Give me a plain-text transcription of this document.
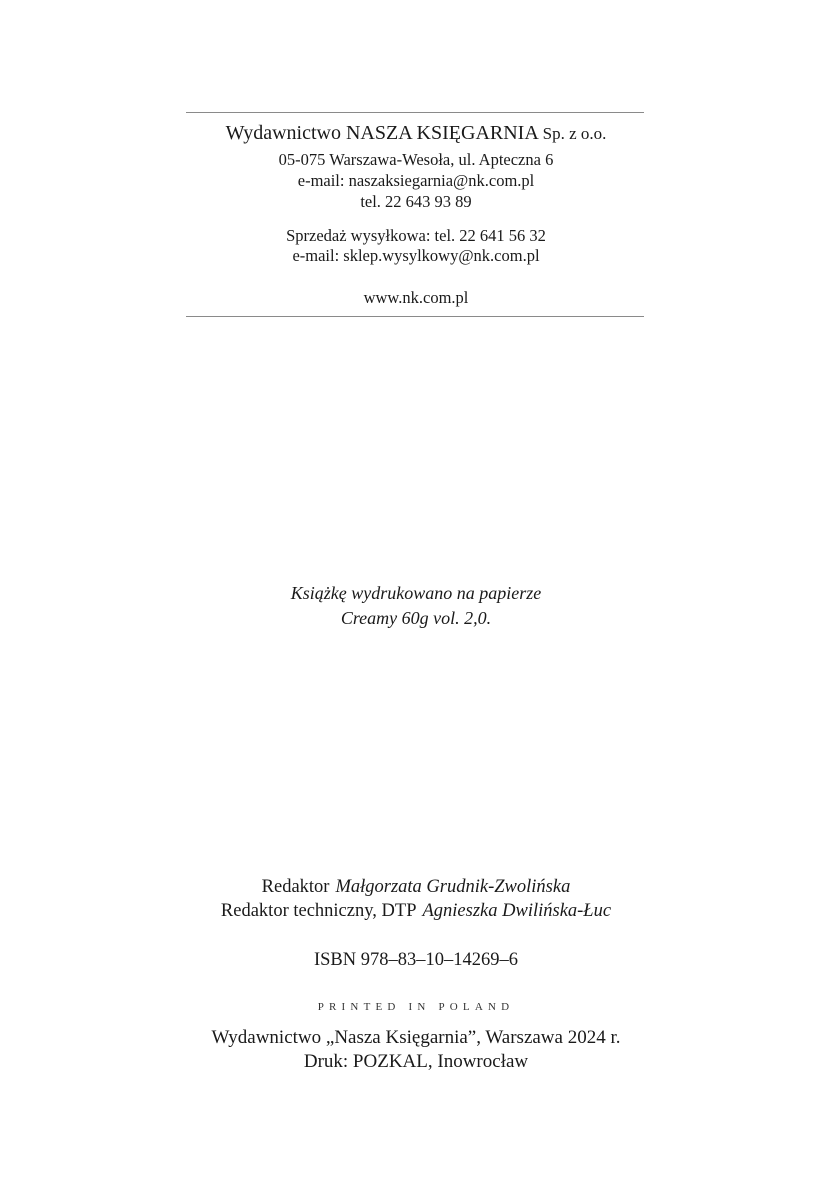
Wydawnictwo NASZA KSIĘGARNIA Sp. z o.o.
05-075 Warszawa-Wesoła, ul. Apteczna 6
e-mail: naszaksiegarnia@nk.com.pl
tel. 22 643 93 89
Sprzedaż wysyłkowa: tel. 22 641 56 32
e-mail: sklep.wysylkowy@nk.com.pl
www.nk.com.pl
Książkę wydrukowano na papierze
Creamy 60g vol. 2,0.
Redaktor Małgorzata Grudnik-Zwolińska
Redaktor techniczny, DTP Agnieszka Dwilińska-Łuc
ISBN 978–83–10–14269–6
PRINTED IN POLAND
Wydawnictwo „Nasza Księgarnia”, Warszawa 2024 r.
Druk: POZKAL, Inowrocław
